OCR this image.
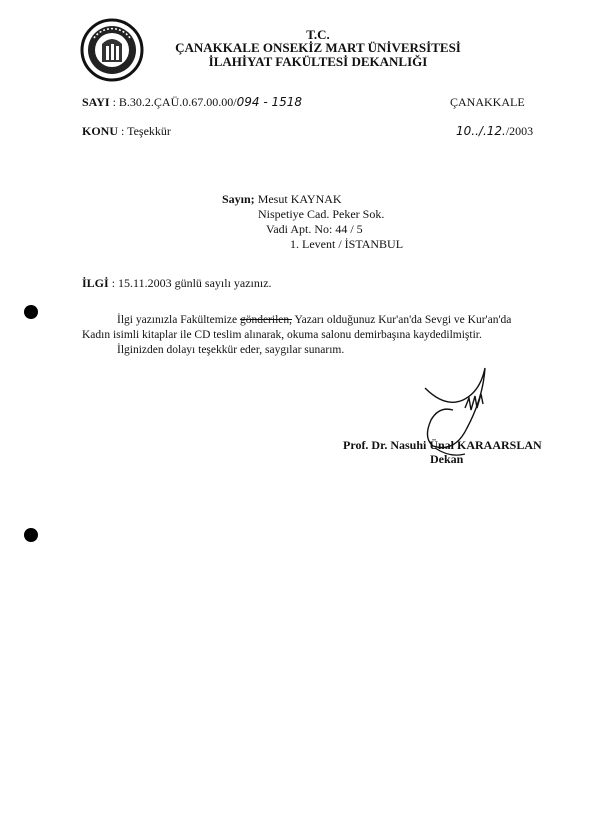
T.C.
ÇANAKKALE ONSEKİZ MART ÜNİVERSİTESİ
İLAHİYAT FAKÜLTESİ DEKANLIĞI
SAYI : B.30.2.ÇAÜ.0.67.00.00/094 - 1518	ÇANAKKALE
KONU : Teşekkür	10../.12./2003
Sayın; Mesut KAYNAK
Nispetiye Cad. Peker Sok.
Vadi Apt. No: 44 / 5
1. Levent / İSTANBUL
İLGİ : 15.11.2003 günlü sayılı yazınız.
İlgi yazınızla Fakültemize gönderilen, Yazarı olduğunuz Kur'an'da Sevgi ve Kur'an'da
Kadın isimli kitaplar ile CD teslim alınarak, okuma salonu demirbaşına kaydedilmiştir.
İlginizden dolayı teşekkür eder, saygılar sunarım.
Prof. Dr. Nasuhi Ünal KARAARSLAN
Dekan
